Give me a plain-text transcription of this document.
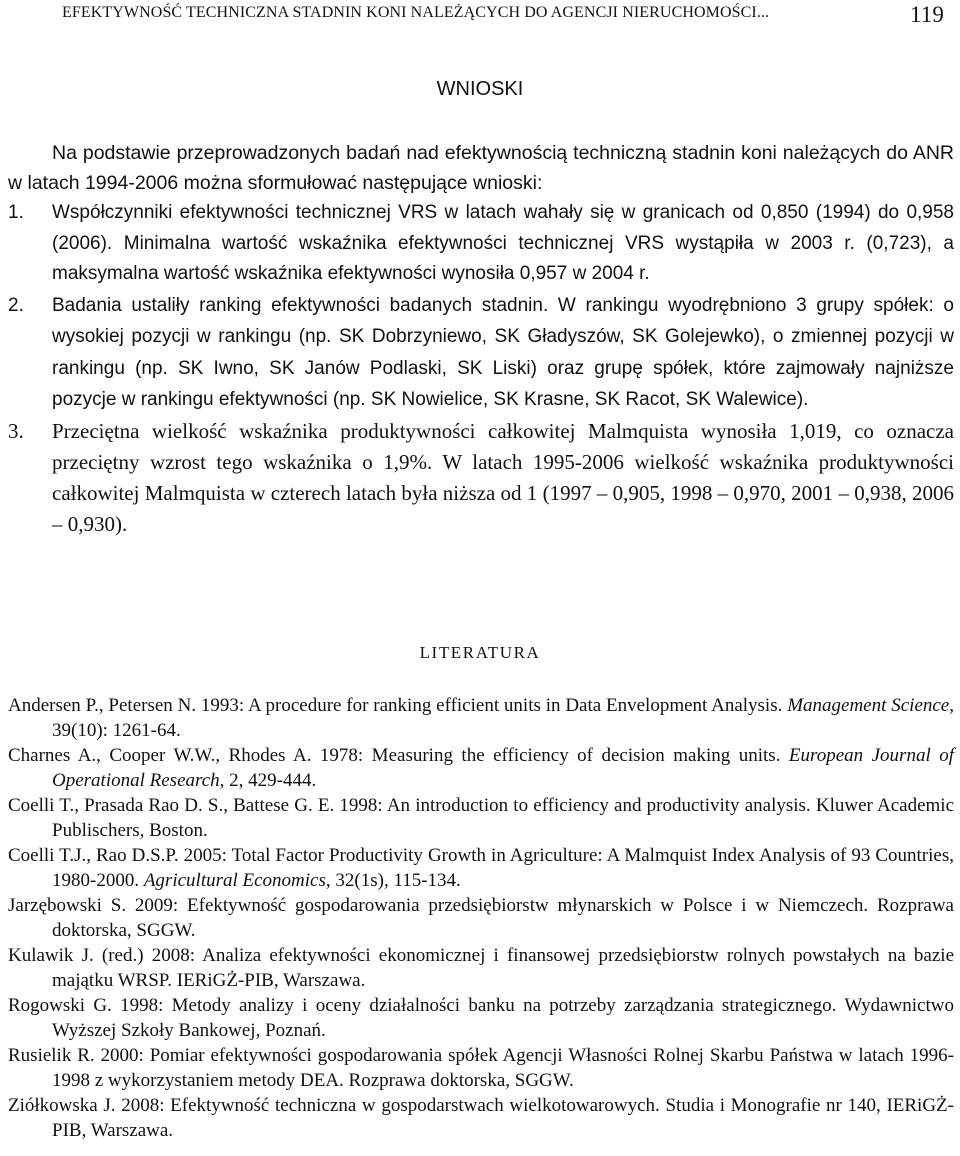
EFEKTYWNOŚĆ TECHNICZNA STADNIN KONI NALEŻĄCYCH DO AGENCJI NIERUCHOMOŚCI...	119
WNIOSKI

Na podstawie przeprowadzonych badań nad efektywnością techniczną stadnin koni należących do ANR w latach 1994-2006 można sformułować następujące wnioski:

1. Współczynniki efektywności technicznej VRS w latach wahały się w granicach od 0,850 (1994) do 0,958 (2006). Minimalna wartość wskaźnika efektywności technicznej VRS wystąpiła w 2003 r. (0,723), a maksymalna wartość wskaźnika efektywności wynosiła 0,957 w 2004 r.
2. Badania ustaliły ranking efektywności badanych stadnin. W rankingu wyodrębniono 3 grupy spółek: o wysokiej pozycji w rankingu (np. SK Dobrzyniewo, SK Gładyszów, SK Golejewko), o zmiennej pozycji w rankingu (np. SK Iwno, SK Janów Podlaski, SK Liski) oraz grupę spółek, które zajmowały najniższe pozycje w rankingu efektywności (np. SK Nowielice, SK Krasne, SK Racot, SK Walewice).
3. Przeciętna wielkość wskaźnika produktywności całkowitej Malmquista wynosiła 1,019, co oznacza przeciętny wzrost tego wskaźnika o 1,9%. W latach 1995-2006 wielkość wskaźnika produktywności całkowitej Malmquista w czterech latach była niższa od 1 (1997 – 0,905, 1998 – 0,970, 2001 – 0,938, 2006 – 0,930).
LITERATURA
Andersen P., Petersen N. 1993: A procedure for ranking efficient units in Data Envelopment Analysis. Management Science, 39(10): 1261-64.
Charnes A., Cooper W.W., Rhodes A. 1978: Measuring the efficiency of decision making units. European Journal of Operational Research, 2, 429-444.
Coelli T., Prasada Rao D. S., Battese G. E. 1998: An introduction to efficiency and productivity analysis. Kluwer Academic Publischers, Boston.
Coelli T.J., Rao D.S.P. 2005: Total Factor Productivity Growth in Agriculture: A Malmquist Index Analysis of 93 Countries, 1980-2000. Agricultural Economics, 32(1s), 115-134.
Jarzębowski S. 2009: Efektywność gospodarowania przedsiębiorstw młynarskich w Polsce i w Niemczech. Rozprawa doktorska, SGGW.
Kulawik J. (red.) 2008: Analiza efektywności ekonomicznej i finansowej przedsiębiorstw rolnych powstałych na bazie majątku WRSP. IERiGŻ-PIB, Warszawa.
Rogowski G. 1998: Metody analizy i oceny działalności banku na potrzeby zarządzania strategicznego. Wydawnictwo Wyższej Szkoły Bankowej, Poznań.
Rusielik R. 2000: Pomiar efektywności gospodarowania spółek Agencji Własności Rolnej Skarbu Państwa w latach 1996-1998 z wykorzystaniem metody DEA. Rozprawa doktorska, SGGW.
Ziółkowska J. 2008: Efektywność techniczna w gospodarstwach wielkotowarowych. Studia i Monografie nr 140, IERiGŻ-PIB, Warszawa.
